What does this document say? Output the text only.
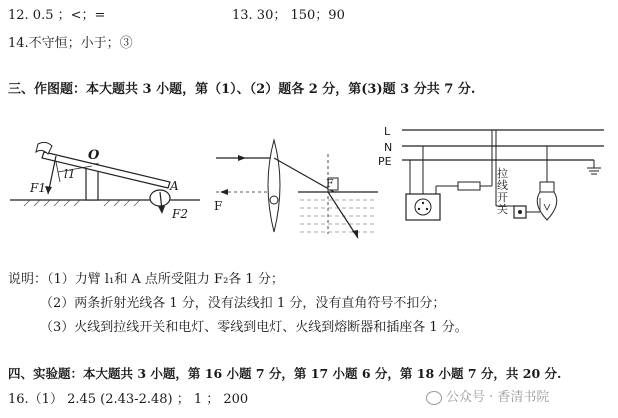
12. 0.5 ；<；=	13. 30； 150；90
14.不守恒；小于；③
三、作图题：本大题共 3 小题，第（1）、（2）题各 2 分，第(3)题 3 分共 7 分.
O
l1
F1	A
F2
F
F
L
N
PE
拉线开关
说明：（1）力臂 l₁和 A 点所受阻力 F₂各 1 分；
（2）两条折射光线各 1 分，没有法线扣 1 分，没有直角符号不扣分；
（3）火线到拉线开关和电灯、零线到电灯、火线到熔断器和插座各 1 分。
四、实验题：本大题共 3 小题，第 16 小题 7 分，第 17 小题 6 分，第 18 小题 7 分，共 20 分.
16.（1） 2.45 (2.43-2.48) ； 1 ； 200	公众号 · 香清书院
